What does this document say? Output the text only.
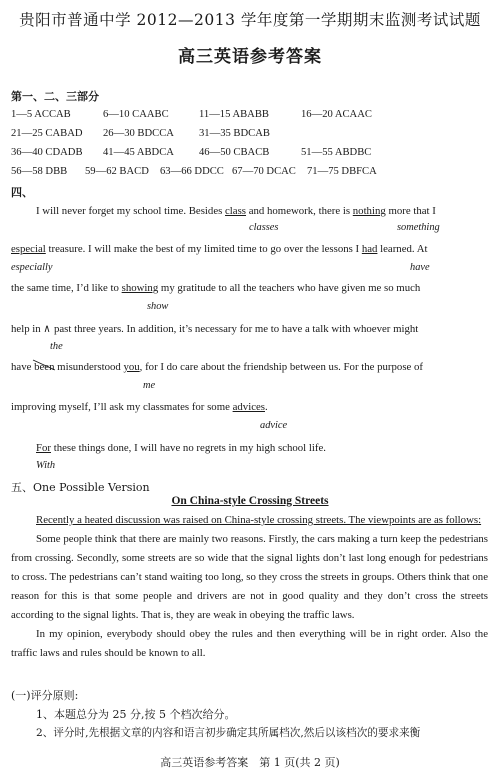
贵阳市普通中学 2012—2013 学年度第一学期期末监测考试试题
高三英语参考答案
第一、二、三部分
1—5 ACCAB	6—10 CAABC	11—15 ABABB	16—20 ACAAC
21—25 CABAD 26—30 BDCCA 31—35 BDCAB
36—40 CDADB 41—45 ABDCA 46—50 CBACB	51—55 ABDBC
56—58 DBB 59—62 BACD 63—66 DDCC 67—70 DCAC 71—75 DBFCA
四、
I will never forget my school time. Besides class and homework, there is nothing more that I
classes	something
especial treasure. I will make the best of my limited time to go over the lessons I had learned. At
especially	have
the same time, I’d like to showing my gratitude to all the teachers who have given me so much
show
help in ∧ past three years. In addition, it’s necessary for me to have a talk with whoever might
the
have been
misunderstood you, for I do care about the friendship between us. For the purpose of
me
improving myself, I’ll ask my classmates for some advices.
advice
For these things done, I will have no regrets in my high school life.
With
五、One Possible Version
On China-style Crossing Streets

Recently a heated discussion was raised on China-style crossing streets. The viewpoints are as follows:

Some people think that there are mainly two reasons. Firstly, the cars making a turn keep the pedestrians from crossing. Secondly, some streets are so wide that the signal lights don’t last long enough for pedestrians to cross. The pedestrians can’t stand waiting too long, so they cross the streets in groups. Others think that one reason for this is that some people and drivers are not in good quality and they don’t cross the streets according to the signal lights. That is, they are weak in obeying the traffic laws.

In my opinion, everybody should obey the rules and then everything will be in right order. Also the traffic laws and rules should be known to all.

(一)评分原则:
1、本题总分为 25 分,按 5 个档次给分。
2、评分时,先根据文章的内容和语言初步确定其所属档次,然后以该档次的要求来衡
高三英语参考答案　第 1 页(共 2 页)
